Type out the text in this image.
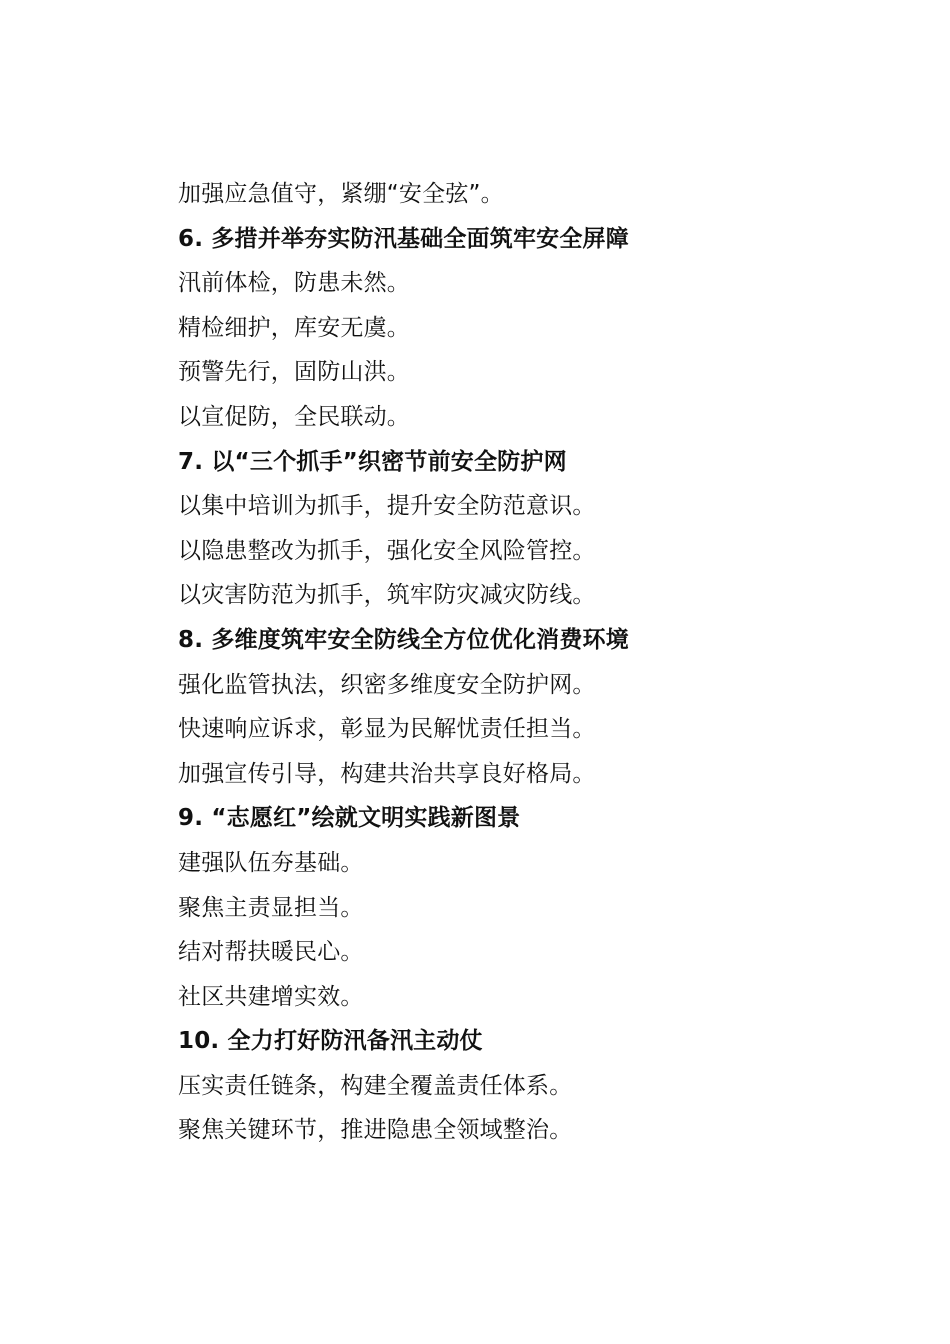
加强应急值守，紧绷“安全弦”。
6. 多措并举夯实防汛基础全面筑牢安全屏障
汛前体检，防患未然。
精检细护，库安无虞。
预警先行，固防山洪。
以宣促防，全民联动。
7. 以“三个抓手”织密节前安全防护网
以集中培训为抓手，提升安全防范意识。
以隐患整改为抓手，强化安全风险管控。
以灾害防范为抓手，筑牢防灾减灾防线。
8. 多维度筑牢安全防线全方位优化消费环境
强化监管执法，织密多维度安全防护网。
快速响应诉求，彰显为民解忧责任担当。
加强宣传引导，构建共治共享良好格局。
9. “志愿红”绘就文明实践新图景
建强队伍夯基础。
聚焦主责显担当。
结对帮扶暖民心。
社区共建增实效。
10. 全力打好防汛备汛主动仗
压实责任链条，构建全覆盖责任体系。
聚焦关键环节，推进隐患全领域整治。
